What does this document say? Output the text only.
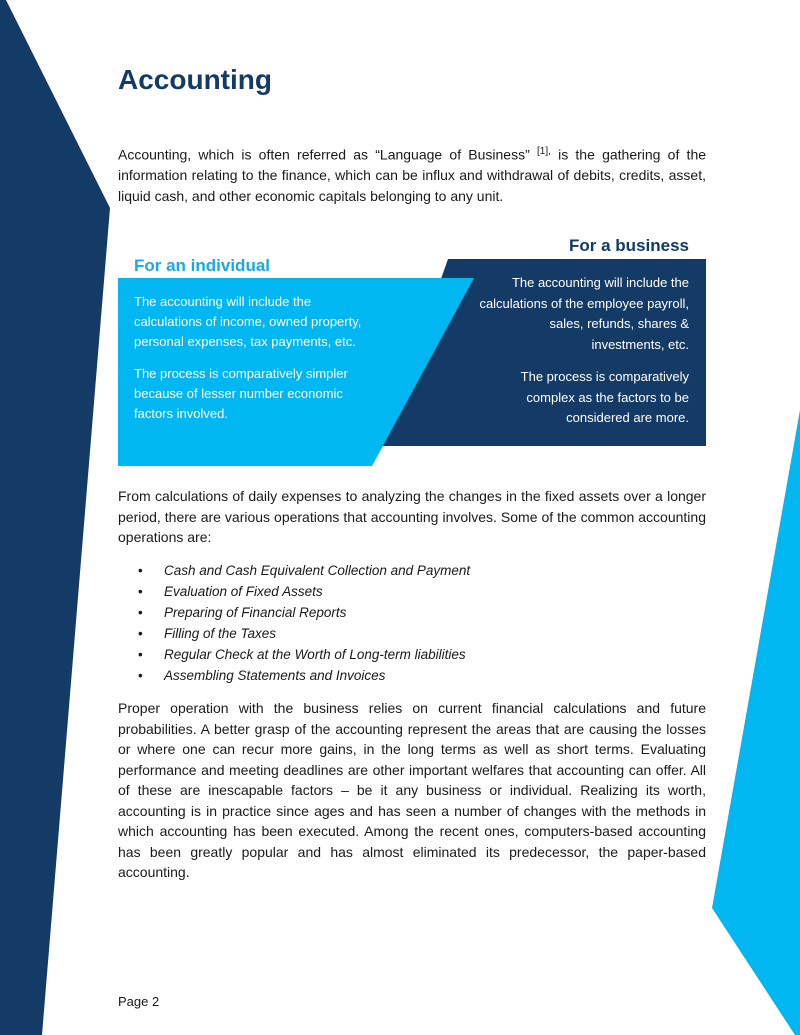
Accounting

Accounting, which is often referred as “Language of Business” $^{[1],}$ is the gathering of the information relating to the finance, which can be influx and withdrawal of debits, credits, asset, liquid cash, and other economic capitals belonging to any unit.

For a business
For an individual

The accounting will include the calculations of income, owned property, personal expenses, tax payments, etc.

The process is comparatively simpler because of lesser number economic factors involved.

The accounting will include the calculations of the employee payroll, sales, refunds, shares & investments, etc.

The process is comparatively complex as the factors to be considered are more.

From calculations of daily expenses to analyzing the changes in the fixed assets over a longer period, there are various operations that accounting involves. Some of the common accounting operations are:

• Cash and Cash Equivalent Collection and Payment
• Evaluation of Fixed Assets
• Preparing of Financial Reports
• Filling of the Taxes
• Regular Check at the Worth of Long-term liabilities
• Assembling Statements and Invoices

Proper operation with the business relies on current financial calculations and future probabilities. A better grasp of the accounting represent the areas that are causing the losses or where one can recur more gains, in the long terms as well as short terms. Evaluating performance and meeting deadlines are other important welfares that accounting can offer. All of these are inescapable factors – be it any business or individual. Realizing its worth, accounting is in practice since ages and has seen a number of changes with the methods in which accounting has been executed. Among the recent ones, computers-based accounting has been greatly popular and has almost eliminated its predecessor, the paper-based accounting.

Page 2
